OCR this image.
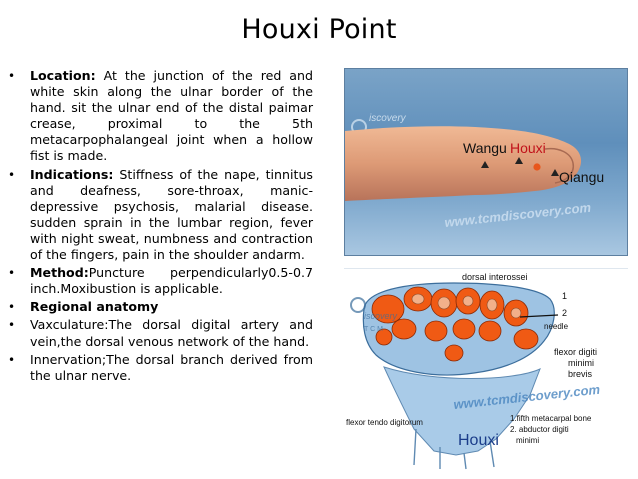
Houxi Point
• Location: At the junction of the red and white skin along the ulnar border of the hand. sit the ulnar end of the distal paimar crease, proximal to the 5th metacarpophalangeal joint when a hollow fist is made.
• Indications: Stiffness of the nape, tinnitus and deafness, sore-throax, manic-depressive psychosis, malarial disease. sudden sprain in the lumbar region, fever with night sweat, numbness and contraction of the fingers, pain in the shoulder andarm.
• Method:Puncture perpendicularly0.5-0.7 inch.Moxibustion is applicable.
• Regional anatomy
• Vaxculature:The dorsal digital artery and vein,the dorsal venous network of the hand.
• Innervation;The dorsal branch derived from the ulnar nerve.
iscovery
www.tcmdiscovery.com
Wangu Houxi
Qiangu
www.tcmdiscovery.com
iscovery
T C M
dorsal interossei
1
2
needle
flexor digiti
minimi
brevis
flexor tendo digitorum
Houxi
1.fifth metacarpal bone
2. abductor digiti
minimi
